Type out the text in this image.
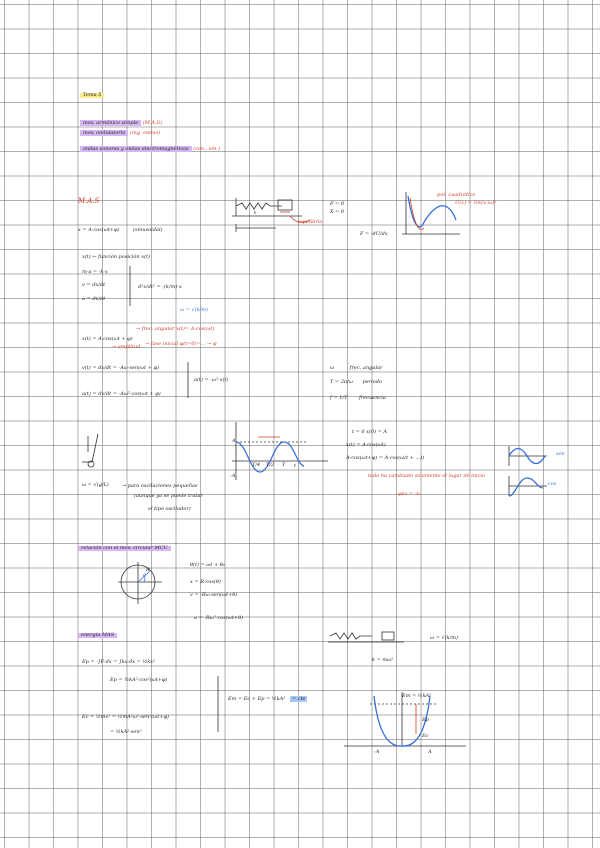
Tema 5
mov. armónico simple (M.A.S)
mov. ondulatorio (mg. ondas)
ondas sonoras y ondas electromagnéticas (son., em.)
M.A.S
x = A·cos(ωt+φ)	(sinusoidal)
k
F = 0
X = 0
equilibrio
pot. cuadrático
U(x) = ½k(x-x₀)²
F = -dU/dx
x(t) ← función posición x(t)
m·a = -k·x
v = dx/dt
a = dv/dt
d²x/dt² = -(k/m)·x
ω = √(k/m)
→ frec. angular x(t)= A·cos(ωt)
→ amplitud → fase inicial φ(t=0)=... → φ
x(t) = A·cos(ωt + φ)
v(t) = dx/dt = -Aω·sen(ωt + φ)
a(t) = dv/dt = -Aω²·cos(ωt + φ)
a(t) = -ω²·x(t)
ω	frec. angular
T = 2π/ω periodo
f = 1/T frecuencia
ω = √(g/L)	→ para oscilaciones pequeñas
(aunque ya se puede tratar
el tipo oscilador)
A
-A
T/4 T/2 T t
t = 0 x(0) = A
x(t) = A·cos(ωt)
A·cos(ωt+φ) = A·cos(ω(t + ...))
todo ha cambiado solamente el lugar de inicio
φ/ω = -t₀
sen
cos
relación con el mov. circular MCU
θ
R
θ(t) = ωt + θ₀
x = R·cos(θ)
v = -Rω·sen(ωt+θ)
a = -Rω²·cos(ωt+θ)
energía MAS
Ep = -∫F·dx = ∫kx·dx = ½kx²
Ep = ½kA²·cos²(ωt+φ)
Ec = ½mv² = ½mA²ω²·sen²(ωt+φ)
= ½kA²·sen²
Em = Ec + Ep = ½kA² = cte
k = mω²
ω = √(k/m)
Em = ½kA²
Ep
Ec
-A	A
